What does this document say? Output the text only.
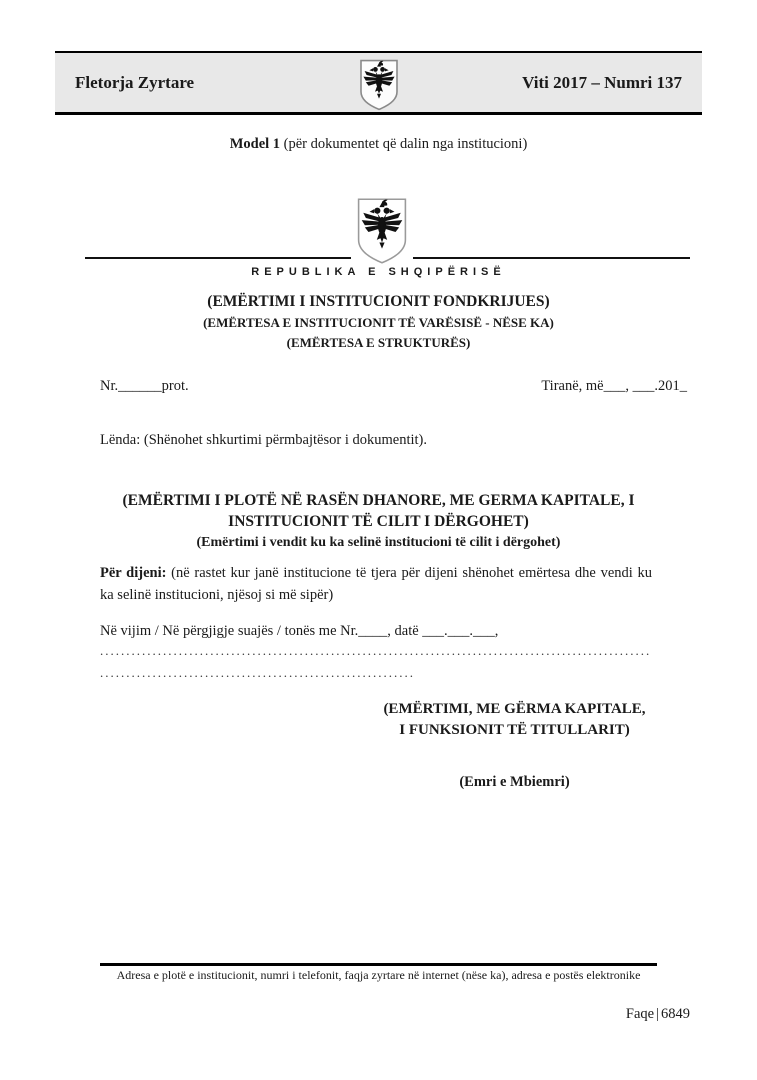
Fletorja Zyrtare	Viti 2017 – Numri 137
Model 1 (për dokumentet që dalin nga institucioni)
REPUBLIKA E SHQIPËRISË
(EMËRTIMI I INSTITUCIONIT FONDKRIJUES)
(EMËRTESA E INSTITUCIONIT TË VARËSISË - NËSE KA)
(EMËRTESA E STRUKTURËS)
Nr.______prot.	Tiranë, më___, ___.201_
Lënda: (Shënohet shkurtimi përmbajtësor i dokumentit).
(EMËRTIMI I PLOTË NË RASËN DHANORE, ME GERMA KAPITALE, I
INSTITUCIONIT TË CILIT I DËRGOHET)
(Emërtimi i vendit ku ka selinë institucioni të cilit i dërgohet)
Për dijeni: (në rastet kur janë institucione të tjera për dijeni shënohet emërtesa dhe vendi ku ka selinë institucioni, njësoj si më sipër)
Në vijim / Në përgjigje suajës / tonës me Nr.____, datë ___.___.___,
.........................................................................................................
............................................................
(EMËRTIMI, ME GËRMA KAPITALE,
I FUNKSIONIT TË TITULLARIT)
(Emri e Mbiemri)
Adresa e plotë e institucionit, numri i telefonit, faqja zyrtare në internet (nëse ka), adresa e postës elektronike
Faqe | 6849
